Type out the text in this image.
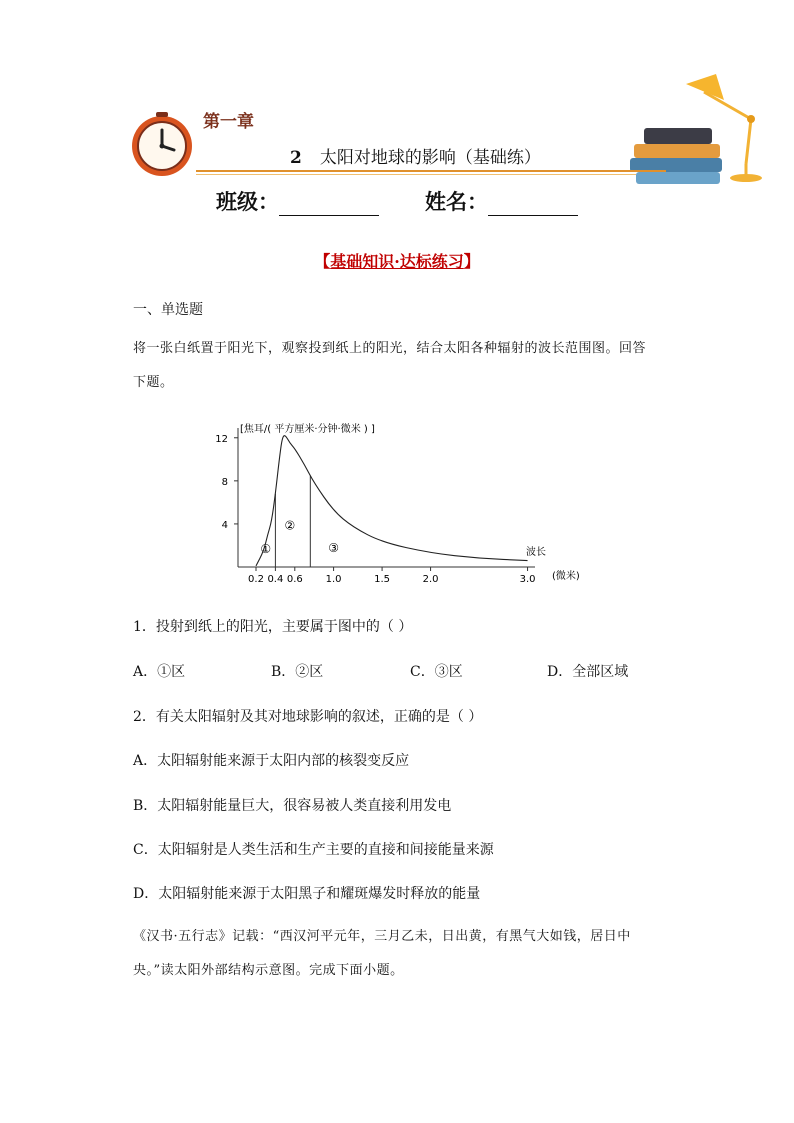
第一章
2 太阳对地球的影响（基础练）
班级：	姓名：
【基础知识·达标练习】
一、单选题
将一张白纸置于阳光下，观察投到纸上的阳光，结合太阳各种辐射的波长范围图。回答
下题。
[焦耳/( 平方厘米·分钟·微米 ) ]
波长
(微米)
0.2 0.4 0.6 1.0	1.5	2.0	3.0
4
8
12
①
②
③
1．投射到纸上的阳光，主要属于图中的（ ）
A．①区	B．②区	C．③区	D．全部区域
2．有关太阳辐射及其对地球影响的叙述，正确的是（ ）
A．太阳辐射能来源于太阳内部的核裂变反应
B．太阳辐射能量巨大，很容易被人类直接利用发电
C．太阳辐射是人类生活和生产主要的直接和间接能量来源
D．太阳辐射能来源于太阳黑子和耀斑爆发时释放的能量
《汉书·五行志》记载：“西汉河平元年，三月乙未，日出黄，有黑气大如钱，居日中
央。”读太阳外部结构示意图。完成下面小题。
